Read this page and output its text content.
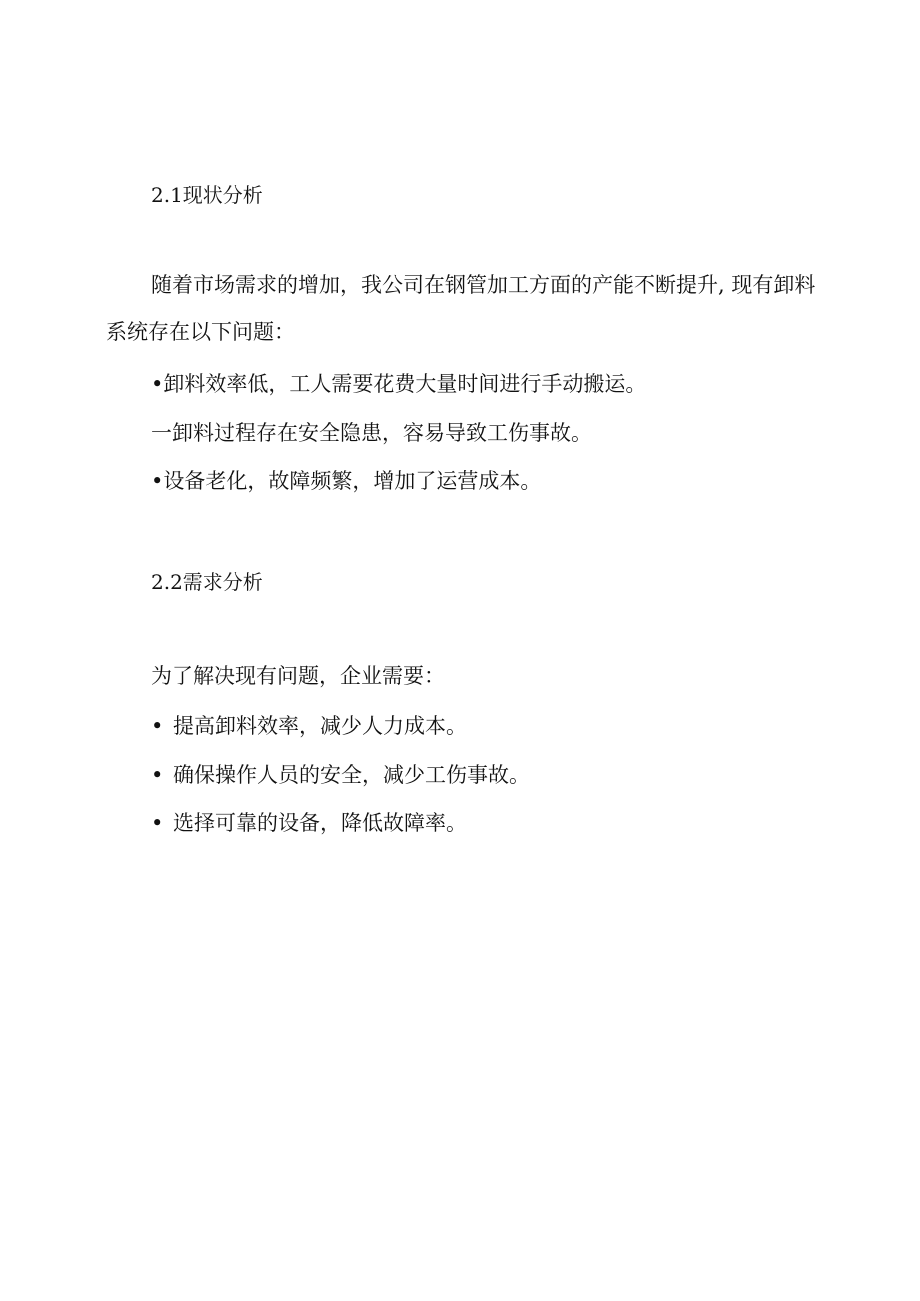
2.1现状分析

随着市场需求的增加，我公司在钢管加工方面的产能不断提升, 现有卸料系统存在以下问题：

•卸料效率低，工人需要花费大量时间进行手动搬运。
一卸料过程存在安全隐患，容易导致工伤事故。
•设备老化，故障频繁，增加了运营成本。
2.2需求分析
为了解决现有问题，企业需要：
• 提高卸料效率，减少人力成本。
• 确保操作人员的安全，减少工伤事故。
• 选择可靠的设备，降低故障率。
